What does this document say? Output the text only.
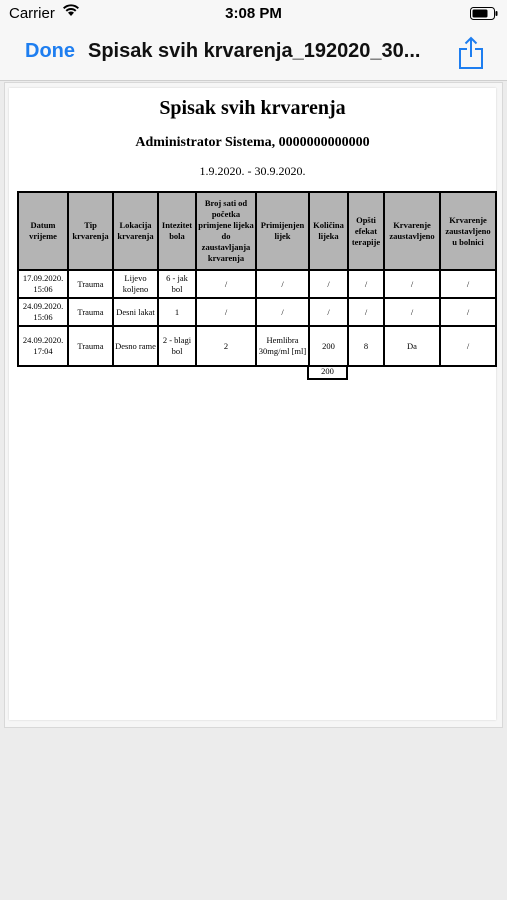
Carrier	3:08 PM
Done Spisak svih krvarenja_192020_30...
Spisak svih krvarenja
Administrator Sistema, 0000000000000
1.9.2020. - 30.9.2020.
Datum vrijeme	Tip krvarenja	Lokacija krvarenja	Intezitet bola	Broj sati od početka primjene lijeka do zaustavljanja krvarenja	Primijenjen lijek	Količina lijeka	Opšti efekat terapije	Krvarenje zaustavljeno	Krvarenje zaustavljeno u bolnici
17.09.2020. 15:06	Trauma	Lijevo koljeno	6 - jak bol	/	/	/	/	/	/
24.09.2020. 15:06	Trauma	Desni lakat	1	/	/	/	/	/	/
24.09.2020. 17:04	Trauma	Desno rame	2 - blagi bol	2	Hemlibra 30mg/ml [ml]	200	8	Da	/
200
